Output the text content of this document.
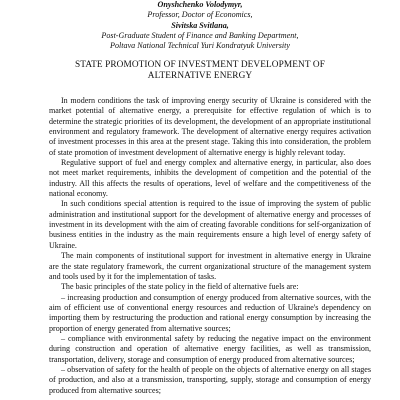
Onyshchenko Volodymyr,
Professor, Doctor of Economics,
Sivitska Svitlana,
Post-Graduate Student of Finance and Banking Department,
Poltava National Technical Yuri Kondratyuk University
STATE PROMOTION OF INVESTMENT DEVELOPMENT OF
ALTERNATIVE ENERGY

In modern conditions the task of improving energy security of Ukraine is considered with the market potential of alternative energy, a prerequisite for effective regulation of which is to determine the strategic priorities of its development, the development of an appropriate institutional environment and regulatory framework. The development of alternative energy requires activation of investment processes in this area at the present stage. Taking this into consideration, the problem of state promotion of investment development of alternative energy is highly relevant today.

Regulative support of fuel and energy complex and alternative energy, in particular, also does not meet market requirements, inhibits the development of competition and the potential of the industry. All this affects the results of operations, level of welfare and the competitiveness of the national economy.

In such conditions special attention is required to the issue of improving the system of public administration and institutional support for the development of alternative energy and processes of investment in its development with the aim of creating favorable conditions for self-organization of business entities in the industry as the main requirements ensure a high level of energy safety of Ukraine.

The main components of institutional support for investment in alternative energy in Ukraine are the state regulatory framework, the current organizational structure of the management system and tools used by it for the implementation of tasks.

The basic principles of the state policy in the field of alternative fuels are:

– increasing production and consumption of energy produced from alternative sources, with the aim of efficient use of conventional energy resources and reduction of Ukraine's dependency on importing them by restructuring the production and rational energy consumption by increasing the proportion of energy generated from alternative sources;

– compliance with environmental safety by reducing the negative impact on the environment during construction and operation of alternative energy facilities, as well as transmission, transportation, delivery, storage and consumption of energy produced from alternative sources;

– observation of safety for the health of people on the objects of alternative energy on all stages of production, and also at a transmission, transporting, supply, storage and consumption of energy produced from alternative sources;
